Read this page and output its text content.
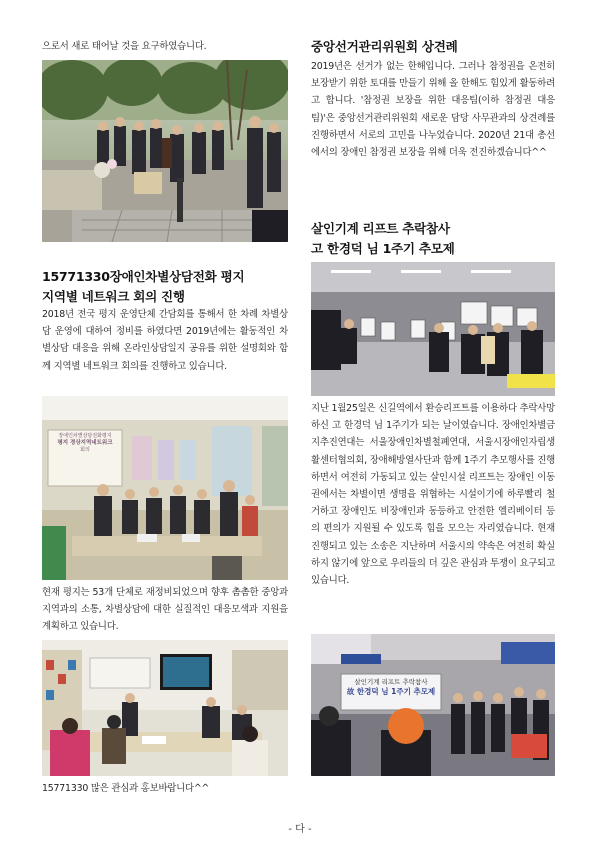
으로서 새로 태어날 것을 요구하였습니다.

15771330장애인차별상담전화 평지

지역별 네트워크 회의 진행

2018년 전국 평지 운영단체 간담회를 통해서 한 차례 차별상담 운영에 대하여 정비를 하였다면 2019년에는 활동적인 차별상담 대응을 위해 온라인상담일지 공유를 위한 설명회와 함께 지역별 네트워크 회의를 진행하고 있습니다.

장애인차별상담전화평지
평지 경상지역네트워크
회의

현재 평지는 53개 단체로 재정비되었으며 향후 촘촘한 중앙과 지역과의 소통, 차별상담에 대한 실질적인 대응모색과 지원을 계획하고 있습니다.

15771330 많은 관심과 홍보바랍니다^^

중앙선거관리위원회 상견례

2019년은 선거가 없는 한해입니다. 그러나 참정권을 온전히 보장받기 위한 토대를 만들기 위해 올 한해도 힘있게 활동하려고 합니다. '참정권 보장을 위한 대응팀(이하 참정권 대응팀)'은 중앙선거관리위원회 새로운 담당 사무관과의 상견례를 진행하면서 서로의 고민을 나누었습니다. 2020년 21대 총선에서의 장애인 참정권 보장을 위해 더욱 전진하겠습니다^^

살인기계 리프트 추락참사

고 한경덕 님 1주기 추모제

지난 1월25일은 신길역에서 환승리프트를 이용하다 추락사망하신 고 한경덕 님 1주기가 되는 날이였습니다. 장애인차별금지추진연대는 서울장애인차별철폐연대, 서울시장애인자립생활센터협의회, 장애해방열사단과 함께 1주기 추모행사를 진행하면서 여전히 가동되고 있는 살인시설 리프트는 장애인 이동권에서는 차별이면 생명을 위협하는 시설이기에 하루빨리 철거하고 장애인도 비장애인과 동등하고 안전한 엘리베이터 등의 편의가 지원될 수 있도록 힘을 모으는 자리였습니다. 현재 진행되고 있는 소송은 지난하며 서울시의 약속은 여전히 확실하지 않기에 앞으로 우리들의 더 깊은 관심과 투쟁이 요구되고 있습니다.

살인기계 리프트 추락참사
故 한경덕 님 1주기 추모제
- 다 -
